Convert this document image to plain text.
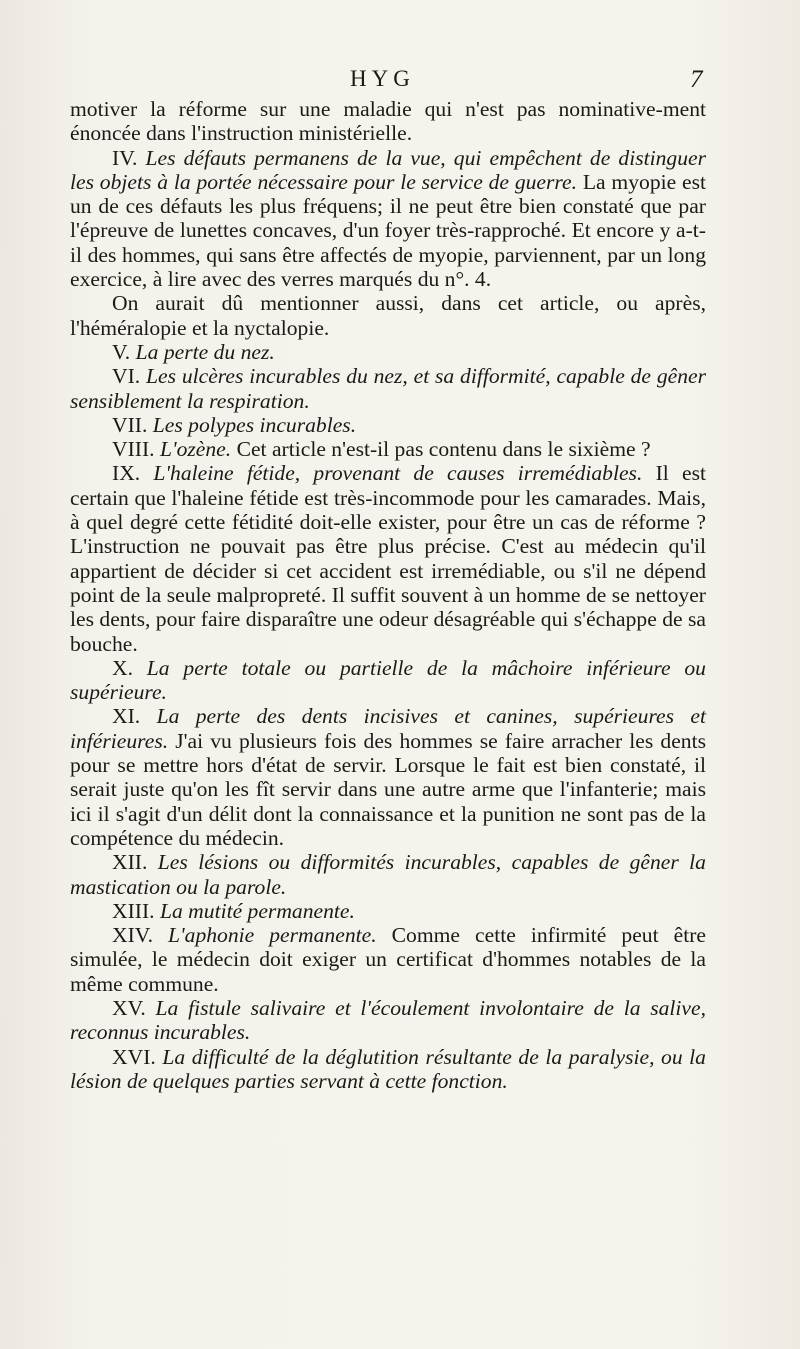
HYG	7

motiver la réforme sur une maladie qui n'est pas nominative-ment énoncée dans l'instruction ministérielle.

IV. Les défauts permanens de la vue, qui empêchent de distinguer les objets à la portée nécessaire pour le service de guerre. La myopie est un de ces défauts les plus fréquens; il ne peut être bien constaté que par l'épreuve de lunettes concaves, d'un foyer très-rapproché. Et encore y a-t-il des hommes, qui sans être affectés de myopie, parviennent, par un long exercice, à lire avec des verres marqués du n°. 4.

On aurait dû mentionner aussi, dans cet article, ou après, l'héméralopie et la nyctalopie.

V. La perte du nez.

VI. Les ulcères incurables du nez, et sa difformité, capable de gêner sensiblement la respiration.

VII. Les polypes incurables.

VIII. L'ozène. Cet article n'est-il pas contenu dans le sixième ?

IX. L'haleine fétide, provenant de causes irremédiables. Il est certain que l'haleine fétide est très-incommode pour les camarades. Mais, à quel degré cette fétidité doit-elle exister, pour être un cas de réforme ? L'instruction ne pouvait pas être plus précise. C'est au médecin qu'il appartient de décider si cet accident est irremédiable, ou s'il ne dépend point de la seule malpropreté. Il suffit souvent à un homme de se nettoyer les dents, pour faire disparaître une odeur désagréable qui s'échappe de sa bouche.

X. La perte totale ou partielle de la mâchoire inférieure ou supérieure.

XI. La perte des dents incisives et canines, supérieures et inférieures. J'ai vu plusieurs fois des hommes se faire arracher les dents pour se mettre hors d'état de servir. Lorsque le fait est bien constaté, il serait juste qu'on les fît servir dans une autre arme que l'infanterie; mais ici il s'agit d'un délit dont la connaissance et la punition ne sont pas de la compétence du médecin.

XII. Les lésions ou difformités incurables, capables de gêner la mastication ou la parole.

XIII. La mutité permanente.

XIV. L'aphonie permanente. Comme cette infirmité peut être simulée, le médecin doit exiger un certificat d'hommes notables de la même commune.

XV. La fistule salivaire et l'écoulement involontaire de la salive, reconnus incurables.

XVI. La difficulté de la déglutition résultante de la paralysie, ou la lésion de quelques parties servant à cette fonction.
